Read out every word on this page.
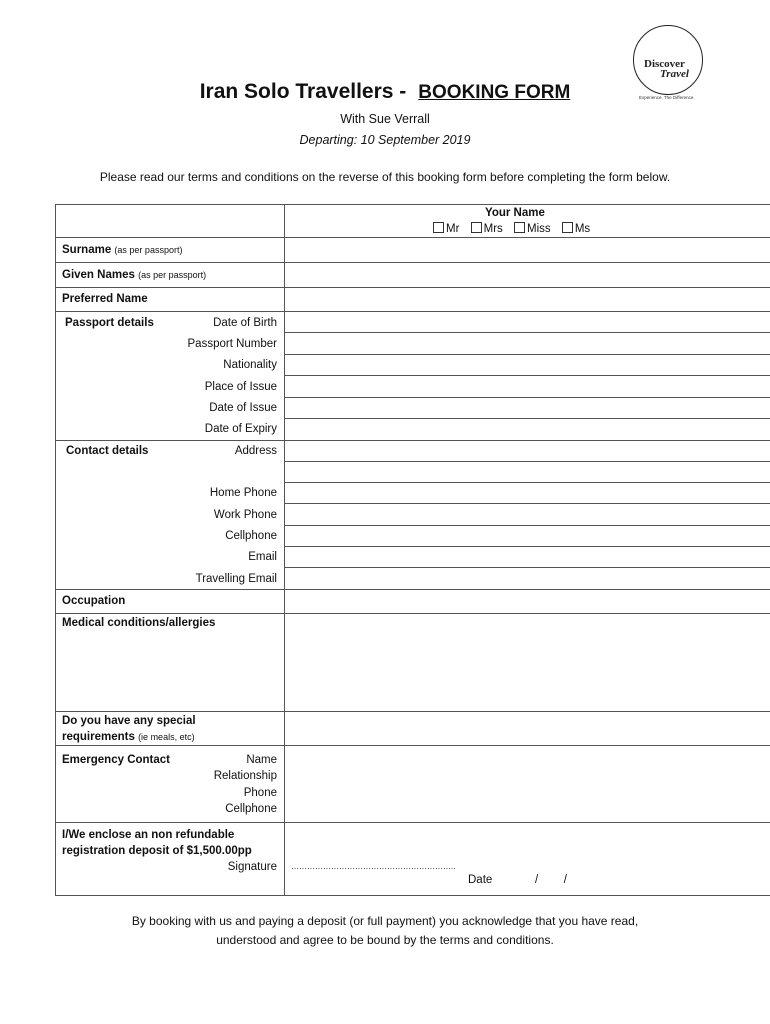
Discover
Travel
Experience. The Difference.
Iran Solo Travellers - BOOKING FORM
With Sue Verrall
Departing: 10 September 2019
Please read our terms and conditions on the reverse of this booking form before completing the form below.
Your Name
Mr Mrs Miss Ms
Surname (as per passport)
Given Names (as per passport)
Preferred Name
Passport details	Date of Birth
Passport Number
Nationality
Place of Issue
Date of Issue
Date of Expiry
Contact details	Address
Home Phone
Work Phone
Cellphone
Email
Travelling Email
Occupation
Medical conditions/allergies
Do you have any special
requirements (ie meals, etc)
Emergency Contact	Name
Relationship
Phone
Cellphone
I/We enclose an non refundable
registration deposit of $1,500.00pp
Signature ……………………………………………………..
Date	/        /
By booking with us and paying a deposit (or full payment) you acknowledge that you have read,
understood and agree to be bound by the terms and conditions.
